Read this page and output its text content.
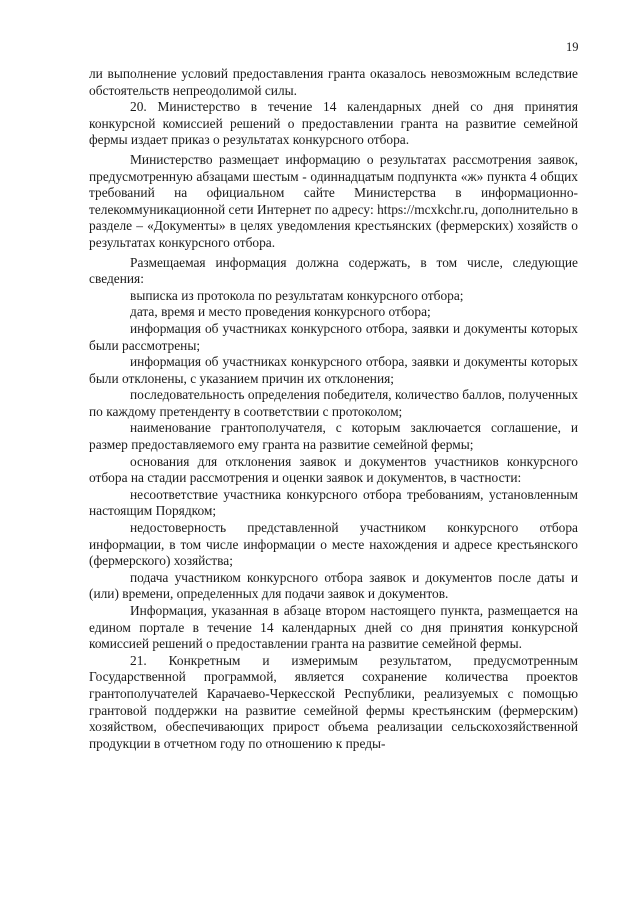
19

ли выполнение условий предоставления гранта оказалось невозможным вследствие обстоятельств непреодолимой силы.

20. Министерство в течение 14 календарных дней со дня принятия конкурсной комиссией решений о предоставлении гранта на развитие семейной фермы издает приказ о результатах конкурсного отбора.

Министерство размещает информацию о результатах рассмотрения заявок, предусмотренную абзацами шестым - одиннадцатым подпункта «ж» пункта 4 общих требований на официальном сайте Министерства в информационно-телекоммуникационной сети Интернет по адресу: https://mcxkchr.ru, дополнительно в разделе – «Документы» в целях уведомления крестьянских (фермерских) хозяйств о результатах конкурсного отбора.

Размещаемая информация должна содержать, в том числе, следующие сведения:

выписка из протокола по результатам конкурсного отбора;

дата, время и место проведения конкурсного отбора;

информация об участниках конкурсного отбора, заявки и документы которых были рассмотрены;

информация об участниках конкурсного отбора, заявки и документы которых были отклонены, с указанием причин их отклонения;

последовательность определения победителя, количество баллов, полученных по каждому претенденту в соответствии с протоколом;

наименование грантополучателя, с которым заключается соглашение, и размер предоставляемого ему гранта на развитие семейной фермы;

основания для отклонения заявок и документов участников конкурсного отбора на стадии рассмотрения и оценки заявок и документов, в частности:

несоответствие участника конкурсного отбора требованиям, установленным настоящим Порядком;

недостоверность представленной участником конкурсного отбора информации, в том числе информации о месте нахождения и адресе крестьянского (фермерского) хозяйства;

подача участником конкурсного отбора заявок и документов после даты и (или) времени, определенных для подачи заявок и документов.

Информация, указанная в абзаце втором настоящего пункта, размещается на едином портале в течение 14 календарных дней со дня принятия конкурсной комиссией решений о предоставлении гранта на развитие семейной фермы.

21. Конкретным и измеримым результатом, предусмотренным Государственной программой, является сохранение количества проектов грантополучателей Карачаево-Черкесской Республики, реализуемых с помощью грантовой поддержки на развитие семейной фермы крестьянским (фермерским) хозяйством, обеспечивающих прирост объема реализации сельскохозяйственной продукции в отчетном году по отношению к преды-
